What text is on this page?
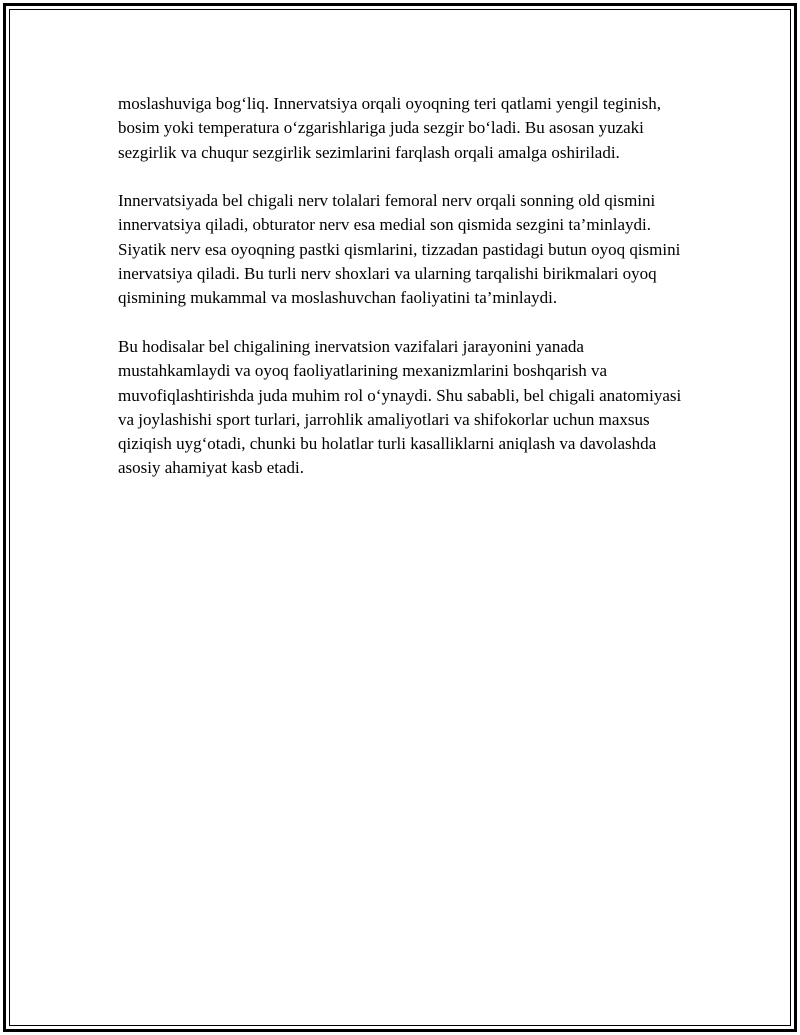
moslashuviga bog‘liq. Innervatsiya orqali oyoqning teri qatlami yengil teginish, bosim yoki temperatura o‘zgarishlariga juda sezgir bo‘ladi. Bu asosan yuzaki sezgirlik va chuqur sezgirlik sezimlarini farqlash orqali amalga oshiriladi.

Innervatsiyada bel chigali nerv tolalari femoral nerv orqali sonning old qismini innervatsiya qiladi, obturator nerv esa medial son qismida sezgini ta’minlaydi. Siyatik nerv esa oyoqning pastki qismlarini, tizzadan pastidagi butun oyoq qismini inervatsiya qiladi. Bu turli nerv shoxlari va ularning tarqalishi birikmalari oyoq qismining mukammal va moslashuvchan faoliyatini ta’minlaydi.

Bu hodisalar bel chigalining inervatsion vazifalari jarayonini yanada mustahkamlaydi va oyoq faoliyatlarining mexanizmlarini boshqarish va muvofiqlashtirishda juda muhim rol o‘ynaydi. Shu sababli, bel chigali anatomiyasi va joylashishi sport turlari, jarrohlik amaliyotlari va shifokorlar uchun maxsus qiziqish uyg‘otadi, chunki bu holatlar turli kasalliklarni aniqlash va davolashda asosiy ahamiyat kasb etadi.
